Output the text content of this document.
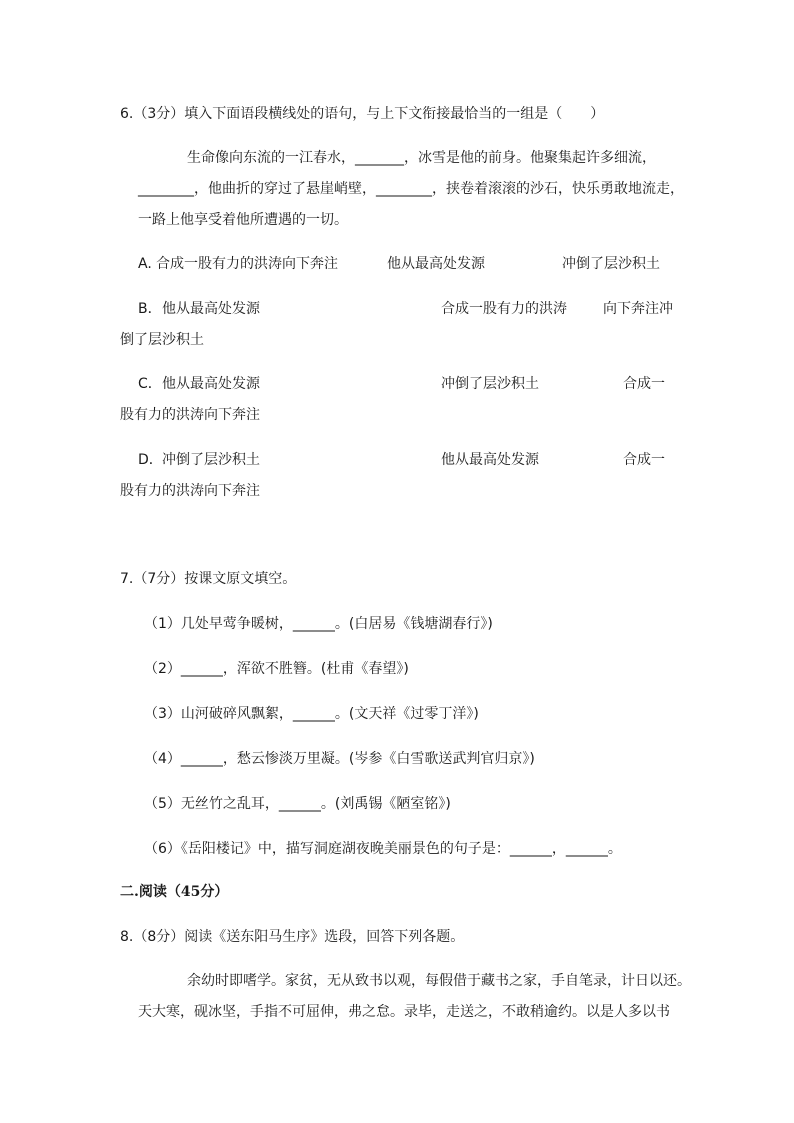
6.（3分）填入下面语段横线处的语句，与上下文衔接最恰当的一组是（　　）
生命像向东流的一江春水，_______，冰雪是他的前身。他聚集起许多细流，
________，他曲折的穿过了悬崖峭壁，________，挟卷着滚滚的沙石，快乐勇敢地流走，
一路上他享受着他所遭遇的一切。
A. 合成一股有力的洪涛向下奔注	他从最高处发源	冲倒了层沙积土
B． 他从最高处发源	合成一股有力的洪涛	向下奔注冲
倒了层沙积土
C． 他从最高处发源	冲倒了层沙积土	合成一
股有力的洪涛向下奔注
D． 冲倒了层沙积土	他从最高处发源	合成一
股有力的洪涛向下奔注
7.（7分）按课文原文填空。
（1）几处早莺争暖树，______。(白居易《钱塘湖春行》)
（2）______，浑欲不胜簪。(杜甫《春望》)
（3）山河破碎风飘絮，______。(文天祥《过零丁洋》)
（4）______，愁云惨淡万里凝。(岑参《白雪歌送武判官归京》)
（5）无丝竹之乱耳，______。(刘禹锡《陋室铭》)
（6）《岳阳楼记》中，描写洞庭湖夜晚美丽景色的句子是：______，______。
二.阅读（45分）
8.（8分）阅读《送东阳马生序》选段，回答下列各题。
余幼时即嗜学。家贫，无从致书以观，每假借于藏书之家，手自笔录，计日以还。
天大寒，砚冰坚，手指不可屈伸，弗之怠。录毕，走送之，不敢稍逾约。以是人多以书
